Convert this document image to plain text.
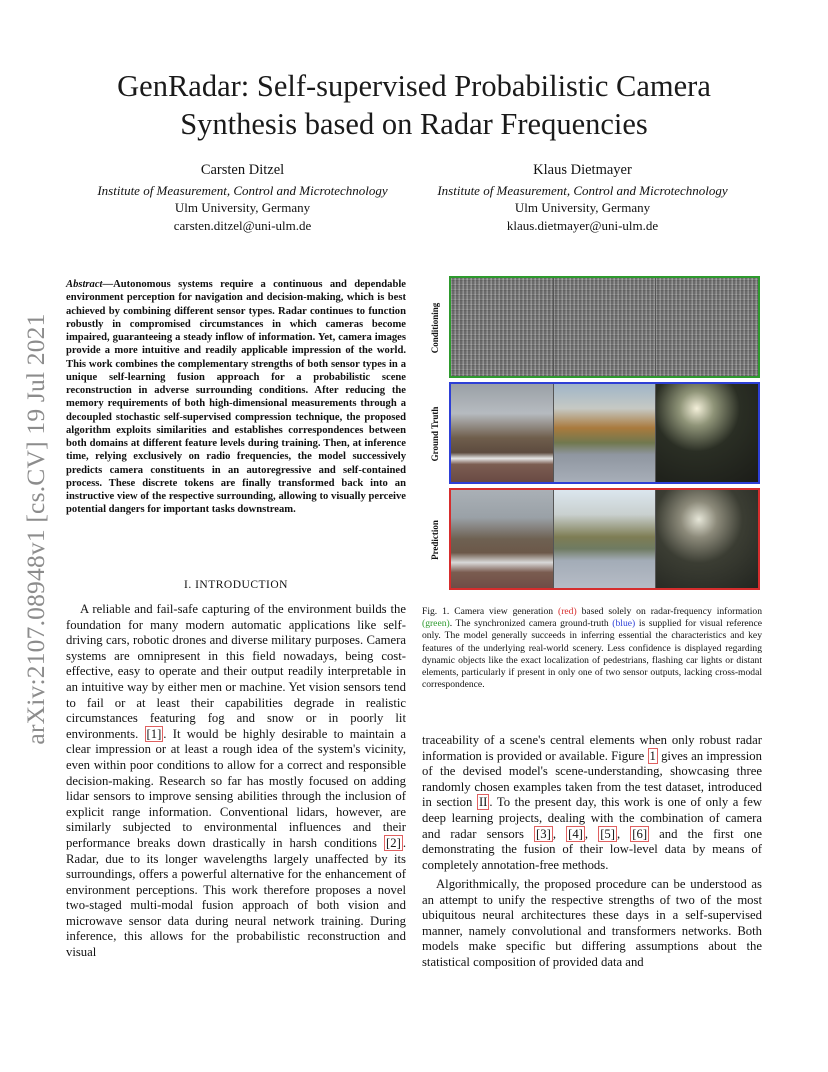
arXiv:2107.08948v1 [cs.CV] 19 Jul 2021
GenRadar: Self-supervised Probabilistic Camera Synthesis based on Radar Frequencies
Carsten Ditzel
Institute of Measurement, Control and Microtechnology
Ulm University, Germany
carsten.ditzel@uni-ulm.de
Klaus Dietmayer
Institute of Measurement, Control and Microtechnology
Ulm University, Germany
klaus.dietmayer@uni-ulm.de
Abstract—Autonomous systems require a continuous and dependable environment perception for navigation and decision-making, which is best achieved by combining different sensor types. Radar continues to function robustly in compromised circumstances in which cameras become impaired, guaranteeing a steady inflow of information. Yet, camera images provide a more intuitive and readily applicable impression of the world. This work combines the complementary strengths of both sensor types in a unique self-learning fusion approach for a probabilistic scene reconstruction in adverse surrounding conditions. After reducing the memory requirements of both high-dimensional measurements through a decoupled stochastic self-supervised compression technique, the proposed algorithm exploits similarities and establishes correspondences between both domains at different feature levels during training. Then, at inference time, relying exclusively on radio frequencies, the model successively predicts camera constituents in an autoregressive and self-contained process. These discrete tokens are finally transformed back into an instructive view of the respective surrounding, allowing to visually perceive potential dangers for important tasks downstream.
I. INTRODUCTION
A reliable and fail-safe capturing of the environment builds the foundation for many modern automatic applications like self-driving cars, robotic drones and diverse military purposes. Camera systems are omnipresent in this field nowadays, being cost-effective, easy to operate and their output readily interpretable in an intuitive way by either men or machine. Yet vision sensors tend to fail or at least their capabilities degrade in realistic circumstances featuring fog and snow or in poorly lit environments. [1] . It would be highly desirable to maintain a clear impression or at least a rough idea of the system's vicinity, even within poor conditions to allow for a correct and responsible decision-making. Research so far has mostly focused on adding lidar sensors to improve sensing abilities through the inclusion of explicit range information. Conventional lidars, however, are similarly subjected to environmental influences and their performance breaks down drastically in harsh conditions [2] . Radar, due to its longer wavelengths largely unaffected by its surroundings, offers a powerful alternative for the enhancement of environment perceptions. This work therefore proposes a novel two-staged multi-modal fusion approach of both vision and microwave sensor data during neural network training. During inference, this allows for the probabilistic reconstruction and visual
Conditioning
Ground Truth
Prediction
Fig. 1. Camera view generation (red) based solely on radar-frequency information (green). The synchronized camera ground-truth (blue) is supplied for visual reference only. The model generally succeeds in inferring essential the characteristics and key features of the underlying real-world scenery. Less confidence is displayed regarding dynamic objects like the exact localization of pedestrians, flashing car lights or distant elements, particularly if present in only one of two sensor outputs, lacking cross-modal correspondence.
traceability of a scene's central elements when only robust radar information is provided or available. Figure 1 gives an impression of the devised model's scene-understanding, showcasing three randomly chosen examples taken from the test dataset, introduced in section II . To the present day, this work is one of only a few deep learning projects, dealing with the combination of camera and radar sensors [3] , [4] , [5] , [6] and the first one demonstrating the fusion of their low-level data by means of completely annotation-free methods.
Algorithmically, the proposed procedure can be understood as an attempt to unify the respective strengths of two of the most ubiquitous neural architectures these days in a self-supervised manner, namely convolutional and transformers networks. Both models make specific but differing assumptions about the statistical composition of provided data and
